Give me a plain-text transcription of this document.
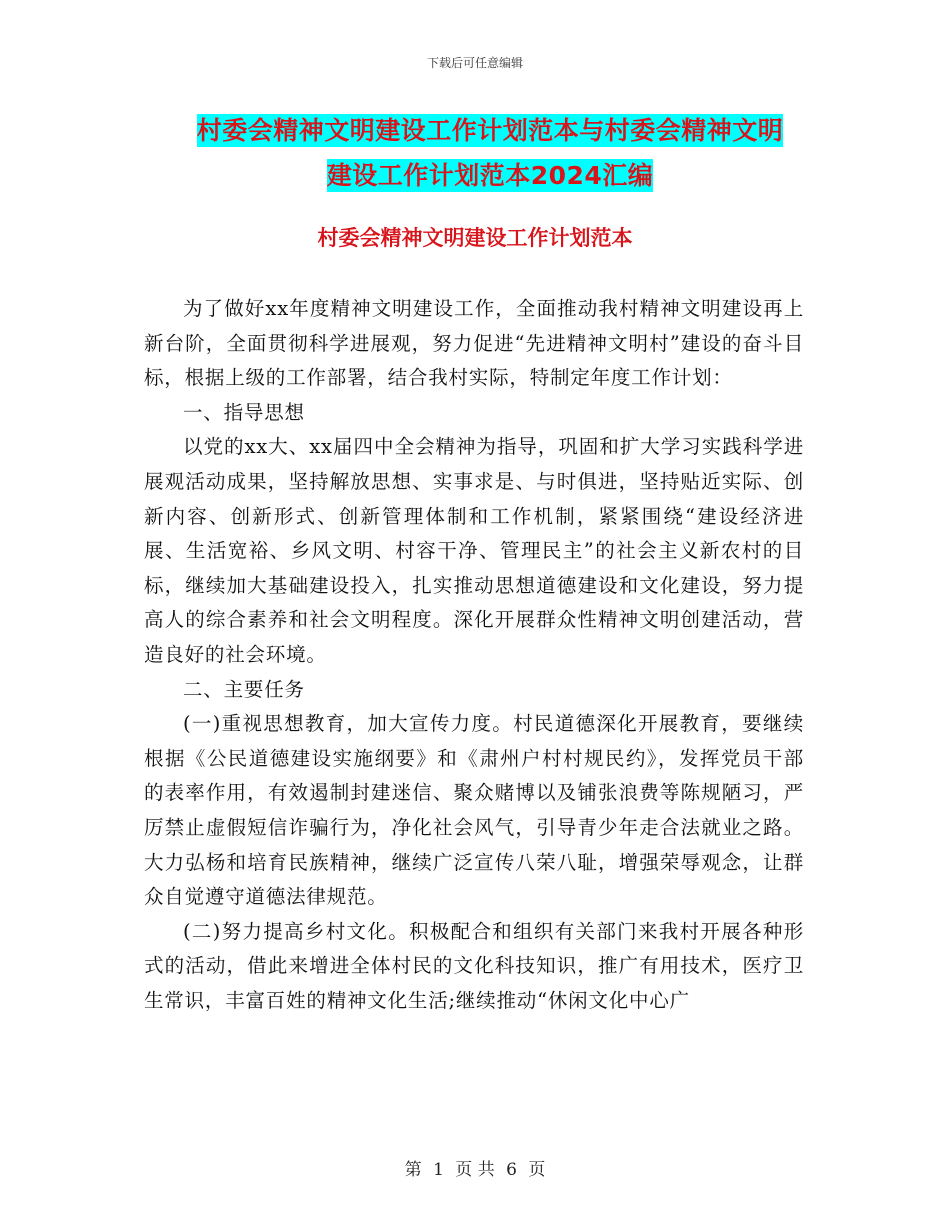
下载后可任意编辑
村委会精神文明建设工作计划范本与村委会精神文明
建设工作计划范本2024汇编
村委会精神文明建设工作计划范本

为了做好xx年度精神文明建设工作，全面推动我村精神文明建设再上新台阶，全面贯彻科学进展观，努力促进“先进精神文明村”建设的奋斗目标，根据上级的工作部署，结合我村实际，特制定年度工作计划：

一、指导思想

以党的xx大、xx届四中全会精神为指导，巩固和扩大学习实践科学进展观活动成果，坚持解放思想、实事求是、与时俱进，坚持贴近实际、创新内容、创新形式、创新管理体制和工作机制，紧紧围绕“建设经济进展、生活宽裕、乡风文明、村容干净、管理民主”的社会主义新农村的目标，继续加大基础建设投入，扎实推动思想道德建设和文化建设，努力提高人的综合素养和社会文明程度。深化开展群众性精神文明创建活动，营造良好的社会环境。

二、主要任务

(一)重视思想教育，加大宣传力度。村民道德深化开展教育，要继续根据《公民道德建设实施纲要》和《肃州户村村规民约》，发挥党员干部的表率作用，有效遏制封建迷信、聚众赌博以及铺张浪费等陈规陋习，严厉禁止虚假短信诈骗行为，净化社会风气，引导青少年走合法就业之路。大力弘杨和培育民族精神，继续广泛宣传八荣八耻，增强荣辱观念，让群众自觉遵守道德法律规范。

(二)努力提高乡村文化。积极配合和组织有关部门来我村开展各种形式的活动，借此来增进全体村民的文化科技知识，推广有用技术，医疗卫生常识，丰富百姓的精神文化生活;继续推动“休闲文化中心广

第 1 页 共 6 页
